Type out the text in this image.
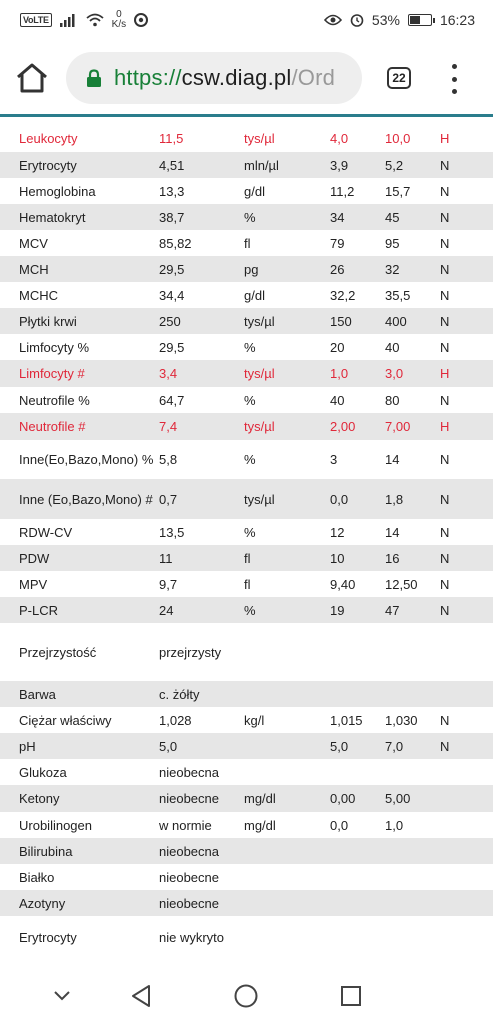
VoLTE	0
K/s	53%	16:23
https://csw.diag.pl/Ord	22
Leukocyty	11,5	tys/µl	4,0	10,0	H
Erytrocyty	4,51	mln/µl	3,9	5,2	N
Hemoglobina	13,3	g/dl	11,2	15,7	N
Hematokryt	38,7	%	34	45	N
MCV	85,82	fl	79	95	N
MCH	29,5	pg	26	32	N
MCHC	34,4	g/dl	32,2	35,5	N
Płytki krwi	250	tys/µl	150	400	N
Limfocyty %	29,5	%	20	40	N
Limfocyty #	3,4	tys/µl	1,0	3,0	H
Neutrofile %	64,7	%	40	80	N
Neutrofile #	7,4	tys/µl	2,00	7,00	H
Inne(Eo,Bazo,Mono) %	5,8	%	3	14	N
Inne (Eo,Bazo,Mono) #	0,7	tys/µl	0,0	1,8	N
RDW-CV	13,5	%	12	14	N
PDW	11	fl	10	16	N
MPV	9,7	fl	9,40	12,50	N
P-LCR	24	%	19	47	N
Przejrzystość	przejrzysty				
Barwa	c. żółty				
Ciężar właściwy	1,028	kg/l	1,015	1,030	N
pH	5,0		5,0	7,0	N
Glukoza	nieobecna				
Ketony	nieobecne	mg/dl	0,00	5,00	
Urobilinogen	w normie	mg/dl	0,0	1,0	
Bilirubina	nieobecna				
Białko	nieobecne				
Azotyny	nieobecne				
Erytrocyty	nie wykryto				
